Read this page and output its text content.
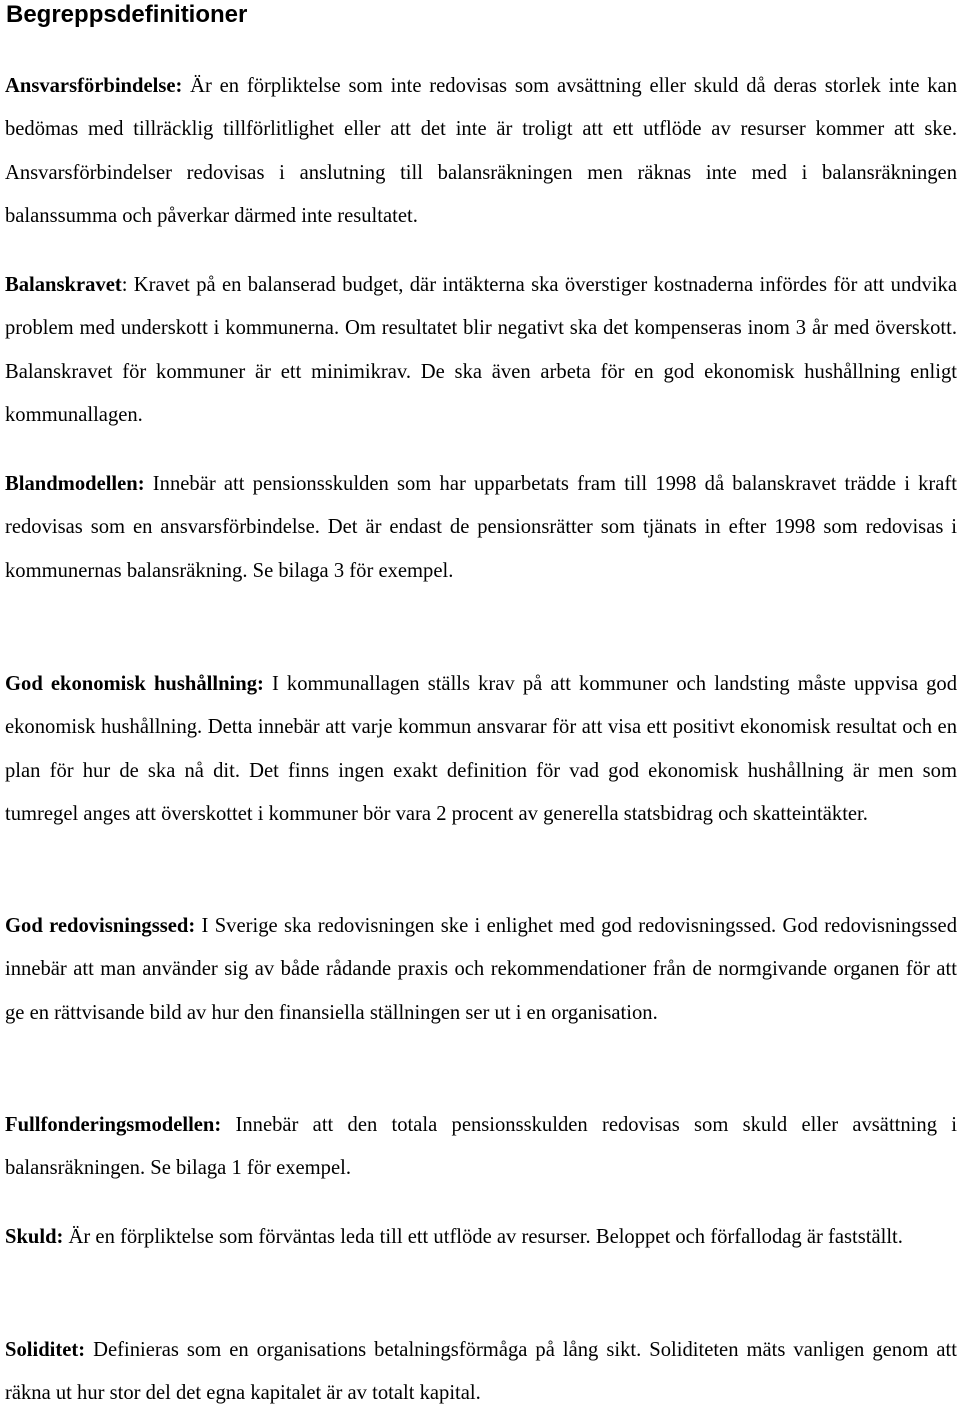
Begreppsdefinitioner

Ansvarsförbindelse: Är en förpliktelse som inte redovisas som avsättning eller skuld då deras storlek inte kan bedömas med tillräcklig tillförlitlighet eller att det inte är troligt att ett utflöde av resurser kommer att ske. Ansvarsförbindelser redovisas i anslutning till balansräkningen men räknas inte med i balansräkningen balanssumma och påverkar därmed inte resultatet.

Balanskravet: Kravet på en balanserad budget, där intäkterna ska överstiger kostnaderna infördes för att undvika problem med underskott i kommunerna. Om resultatet blir negativt ska det kompenseras inom 3 år med överskott. Balanskravet för kommuner är ett minimikrav. De ska även arbeta för en god ekonomisk hushållning enligt kommunallagen.

Blandmodellen: Innebär att pensionsskulden som har upparbetats fram till 1998 då balanskravet trädde i kraft redovisas som en ansvarsförbindelse. Det är endast de pensionsrätter som tjänats in efter 1998 som redovisas i kommunernas balansräkning. Se bilaga 3 för exempel.

God ekonomisk hushållning: I kommunallagen ställs krav på att kommuner och landsting måste uppvisa god ekonomisk hushållning. Detta innebär att varje kommun ansvarar för att visa ett positivt ekonomisk resultat och en plan för hur de ska nå dit. Det finns ingen exakt definition för vad god ekonomisk hushållning är men som tumregel anges att överskottet i kommuner bör vara 2 procent av generella statsbidrag och skatteintäkter.

God redovisningssed: I Sverige ska redovisningen ske i enlighet med god redovisningssed. God redovisningssed innebär att man använder sig av både rådande praxis och rekommendationer från de normgivande organen för att ge en rättvisande bild av hur den finansiella ställningen ser ut i en organisation.

Fullfonderingsmodellen: Innebär att den totala pensionsskulden redovisas som skuld eller avsättning i balansräkningen. Se bilaga 1 för exempel.

Skuld: Är en förpliktelse som förväntas leda till ett utflöde av resurser. Beloppet och förfallodag är fastställt.

Soliditet: Definieras som en organisations betalningsförmåga på lång sikt. Soliditeten mäts vanligen genom att räkna ut hur stor del det egna kapitalet är av totalt kapital.
